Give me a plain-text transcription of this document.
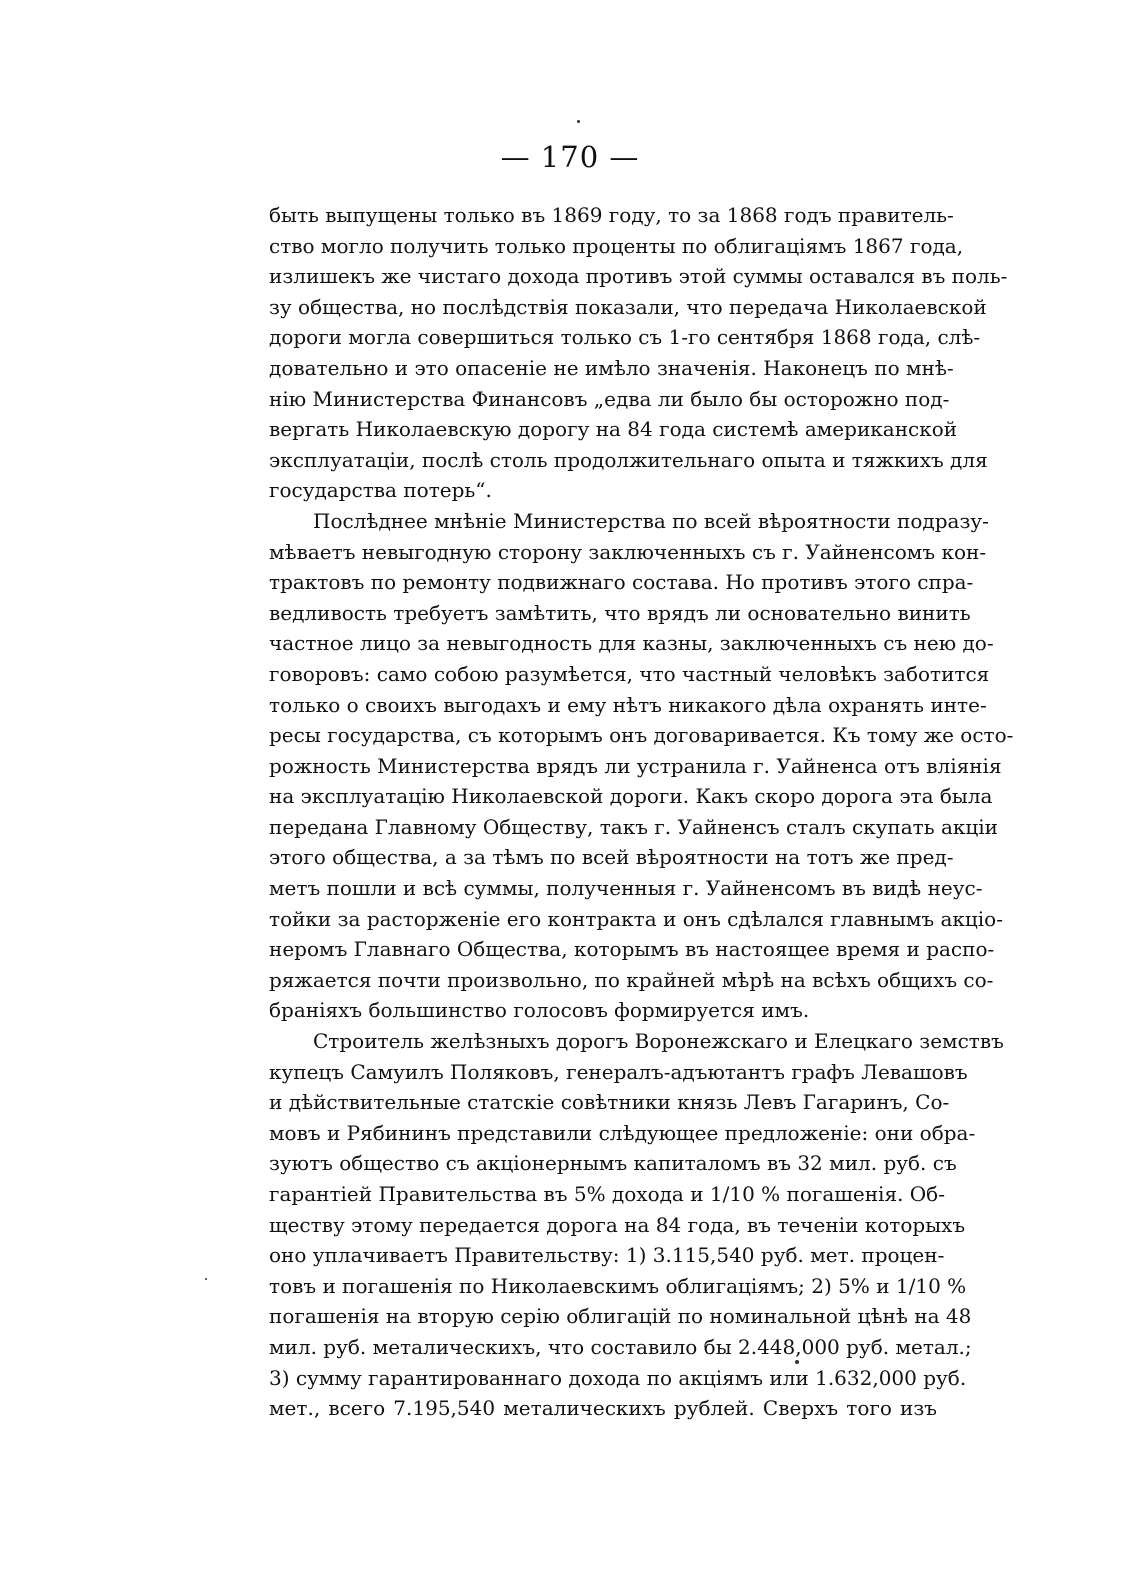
— 170 —
быть выпущены только въ 1869 году, то за 1868 годъ правитель-
ство могло получить только проценты по облигаціямъ 1867 года,
излишекъ же чистаго дохода противъ этой суммы оставался въ поль-
зу общества, но послѣдствія показали, что передача Николаевской
дороги могла совершиться только съ 1-го сентября 1868 года, слѣ-
довательно и это опасеніе не имѣло значенія. Наконецъ по мнѣ-
нію Министерства Финансовъ „едва ли было бы осторожно под-
вергать Николаевскую дорогу на 84 года системѣ американской
эксплуатаціи, послѣ столь продолжительнаго опыта и тяжкихъ для
государства потерь“.
Послѣднее мнѣніе Министерства по всей вѣроятности подразу-
мѣваетъ невыгодную сторону заключенныхъ съ г. Уайненсомъ кон-
трактовъ по ремонту подвижнаго состава. Но противъ этого спра-
ведливость требуетъ замѣтить, что врядъ ли основательно винить
частное лицо за невыгодность для казны, заключенныхъ съ нею до-
говоровъ: само собою разумѣется, что частный человѣкъ заботится
только о своихъ выгодахъ и ему нѣтъ никакого дѣла охранять инте-
ресы государства, съ которымъ онъ договаривается. Къ тому же осто-
рожность Министерства врядъ ли устранила г. Уайненса отъ вліянія
на эксплуатацію Николаевской дороги. Какъ скоро дорога эта была
передана Главному Обществу, такъ г. Уайненсъ сталъ скупать акціи
этого общества, а за тѣмъ по всей вѣроятности на тотъ же пред-
метъ пошли и всѣ суммы, полученныя г. Уайненсомъ въ видѣ неус-
тойки за расторженіе его контракта и онъ сдѣлался главнымъ акціо-
неромъ Главнаго Общества, которымъ въ настоящее время и распо-
ряжается почти произвольно, по крайней мѣрѣ на всѣхъ общихъ со-
браніяхъ большинство голосовъ формируется имъ.
Строитель желѣзныхъ дорогъ Воронежскаго и Елецкаго земствъ
купецъ Самуилъ Поляковъ, генералъ-адъютантъ графъ Левашовъ
и дѣйствительные статскіе совѣтники князь Левъ Гагаринъ, Со-
мовъ и Рябининъ представили слѣдующее предложеніе: они обра-
зуютъ общество съ акціонернымъ капиталомъ въ 32 мил. руб. съ
гарантіей Правительства въ 5% дохода и 1/10 % погашенія. Об-
ществу этому передается дорога на 84 года, въ теченіи которыхъ
оно уплачиваетъ Правительству: 1) 3.115,540 руб. мет. процен-
товъ и погашенія по Николаевскимъ облигаціямъ; 2) 5% и 1/10 %
погашенія на вторую серію облигацій по номинальной цѣнѣ на 48
мил. руб. металическихъ, что составило бы 2.448,000 руб. метал.;
3) сумму гарантированнаго дохода по акціямъ или 1.632,000 руб.
мет., всего 7.195,540 металическихъ рублей. Сверхъ того изъ
